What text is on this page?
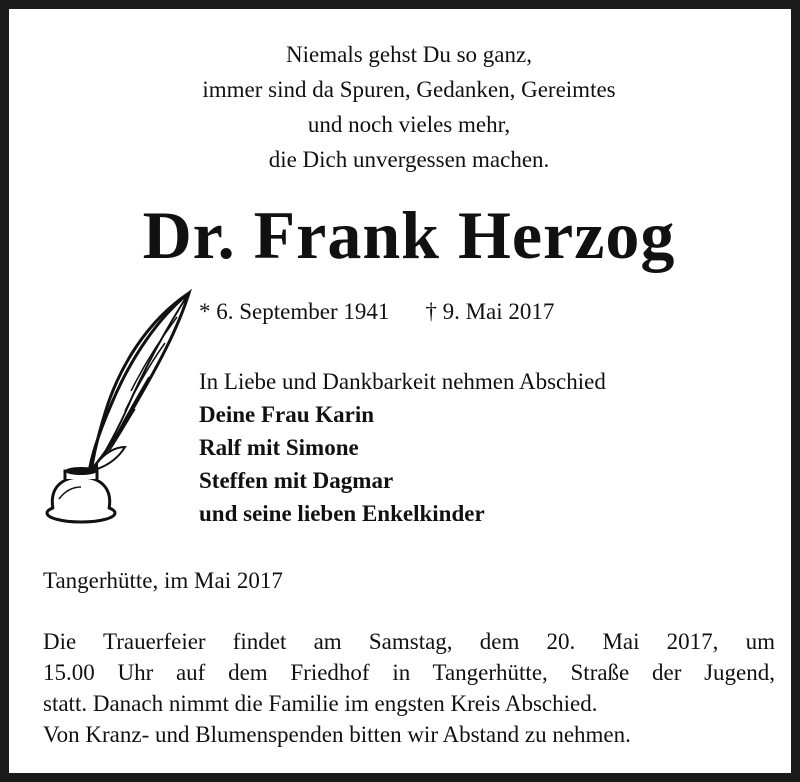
Niemals gehst Du so ganz,
immer sind da Spuren, Gedanken, Gereimtes
und noch vieles mehr,
die Dich unvergessen machen.
Dr. Frank Herzog
* 6. September 1941 † 9. Mai 2017
In Liebe und Dankbarkeit nehmen Abschied
Deine Frau Karin
Ralf mit Simone
Steffen mit Dagmar
und seine lieben Enkelkinder
Tangerhütte, im Mai 2017
Die Trauerfeier findet am Samstag, dem 20. Mai 2017, um
15.00 Uhr auf dem Friedhof in Tangerhütte, Straße der Jugend,
statt. Danach nimmt die Familie im engsten Kreis Abschied.
Von Kranz- und Blumenspenden bitten wir Abstand zu nehmen.
